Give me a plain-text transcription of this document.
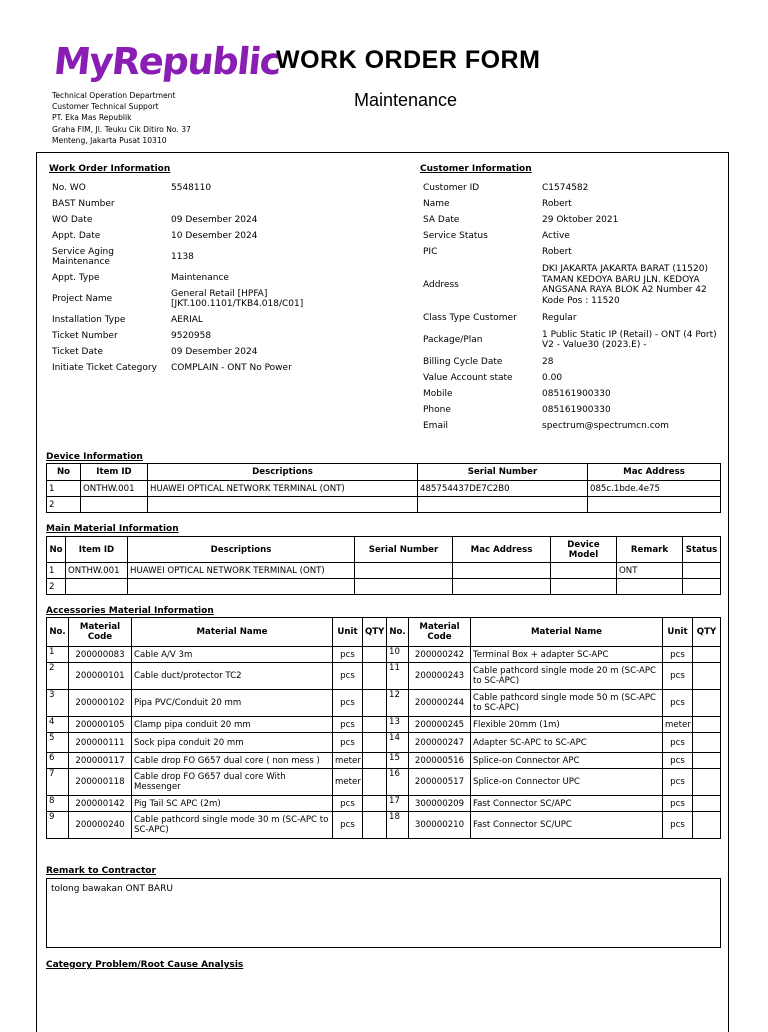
MyRepublic
WORK ORDER FORM
Maintenance
Technical Operation Department
Customer Technical Support
PT. Eka Mas Republik
Graha FIM, Jl. Teuku Cik Ditiro No. 37
Menteng, Jakarta Pusat 10310
Work Order Information
No. WO	5548110
BAST Number	
WO Date	09 Desember 2024
Appt. Date	10 Desember 2024
Service Aging Maintenance	1138
Appt. Type	Maintenance
Project Name	General Retail [HPFA] [JKT.100.1101/TKB4.018/C01]
Installation Type	AERIAL
Ticket Number	9520958
Ticket Date	09 Desember 2024
Initiate Ticket Category	COMPLAIN - ONT No Power
Customer Information
Customer ID	C1574582
Name	Robert
SA Date	29 Oktober 2021
Service Status	Active
PIC	Robert
Address	DKI JAKARTA JAKARTA BARAT (11520) TAMAN KEDOYA BARU JLN. KEDOYA ANGSANA RAYA BLOK A2 Number 42 Kode Pos : 11520
Class Type Customer	Regular
Package/Plan	1 Public Static IP (Retail) - ONT (4 Port) V2 - Value30 (2023.E) -
Billing Cycle Date	28
Value Account state	0.00
Mobile	085161900330
Phone	085161900330
Email	spectrum@spectrumcn.com
Device Information
No	Item ID	Descriptions	Serial Number	Mac Address
1	ONTHW.001	HUAWEI OPTICAL NETWORK TERMINAL (ONT)	485754437DE7C2B0	085c.1bde.4e75
2				
Main Material Information
No	Item ID	Descriptions	Serial Number	Mac Address	Device Model	Remark	Status
1	ONTHW.001	HUAWEI OPTICAL NETWORK TERMINAL (ONT)				ONT	
2							
Accessories Material Information
No.	Material Code	Material Name	Unit	QTY	No.	Material Code	Material Name	Unit	QTY
1	200000083	Cable A/V 3m	pcs		10	200000242	Terminal Box + adapter SC-APC	pcs	
2	200000101	Cable duct/protector TC2	pcs		11	200000243	Cable pathcord single mode 20 m (SC-APC to SC-APC)	pcs	
3	200000102	Pipa PVC/Conduit 20 mm	pcs		12	200000244	Cable pathcord single mode 50 m (SC-APC to SC-APC)	pcs	
4	200000105	Clamp pipa conduit 20 mm	pcs		13	200000245	Flexible 20mm (1m)	meter	
5	200000111	Sock pipa conduit 20 mm	pcs		14	200000247	Adapter SC-APC to SC-APC	pcs	
6	200000117	Cable drop FO G657 dual core ( non mess )	meter		15	200000516	Splice-on Connector APC	pcs	
7	200000118	Cable drop FO G657 dual core With Messenger	meter		16	200000517	Splice-on Connector UPC	pcs	
8	200000142	Pig Tail SC APC (2m)	pcs		17	300000209	Fast Connector SC/APC	pcs	
9	200000240	Cable pathcord single mode 30 m (SC-APC to SC-APC)	pcs		18	300000210	Fast Connector SC/UPC	pcs	
Remark to Contractor
tolong bawakan ONT BARU
Category Problem/Root Cause Analysis
